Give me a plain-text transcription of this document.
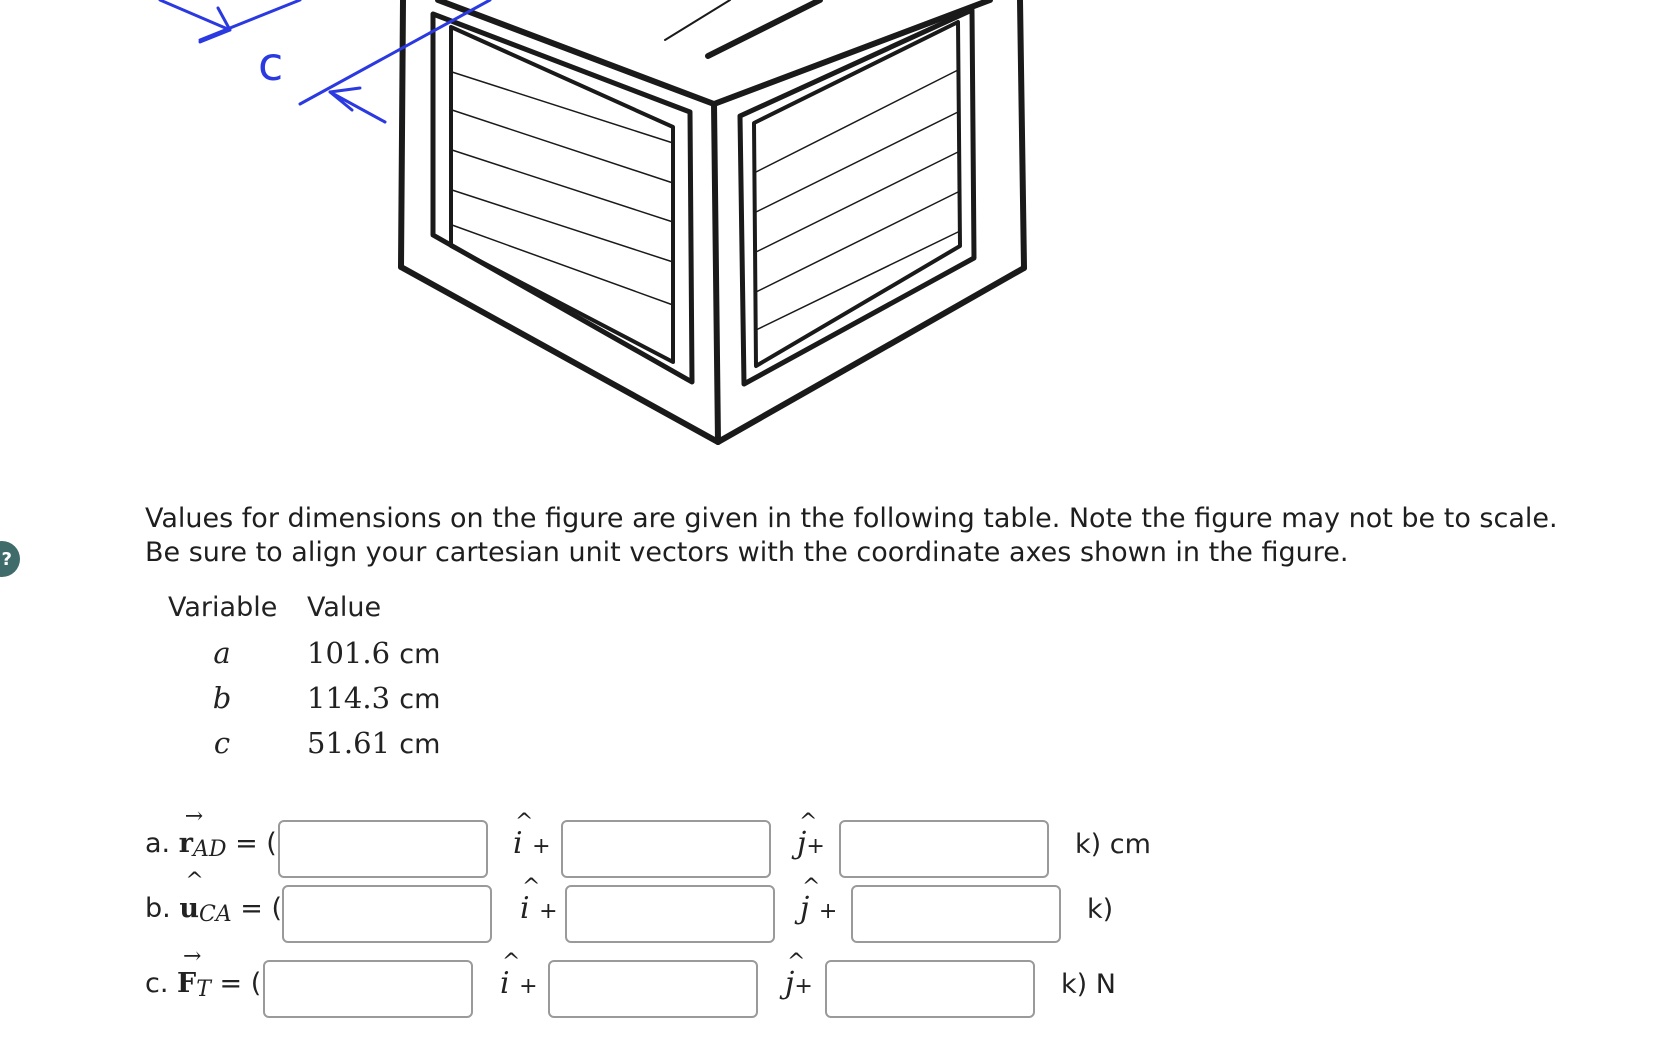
c
?
Values for dimensions on the figure are given in the following table. Note the figure may not be to scale. Be sure to align your cartesian unit vectors with the coordinate axes shown in the figure.
Variable Value
a	101.6 cm
b	114.3 cm
c	51.61 cm
a.
→
rAD = (
^
i +
^
j+	k) cm
b.
^
uCA = (
^
i +
^
j +	k)
c.
→
FT = (
^
i +
^
j+	k) N
